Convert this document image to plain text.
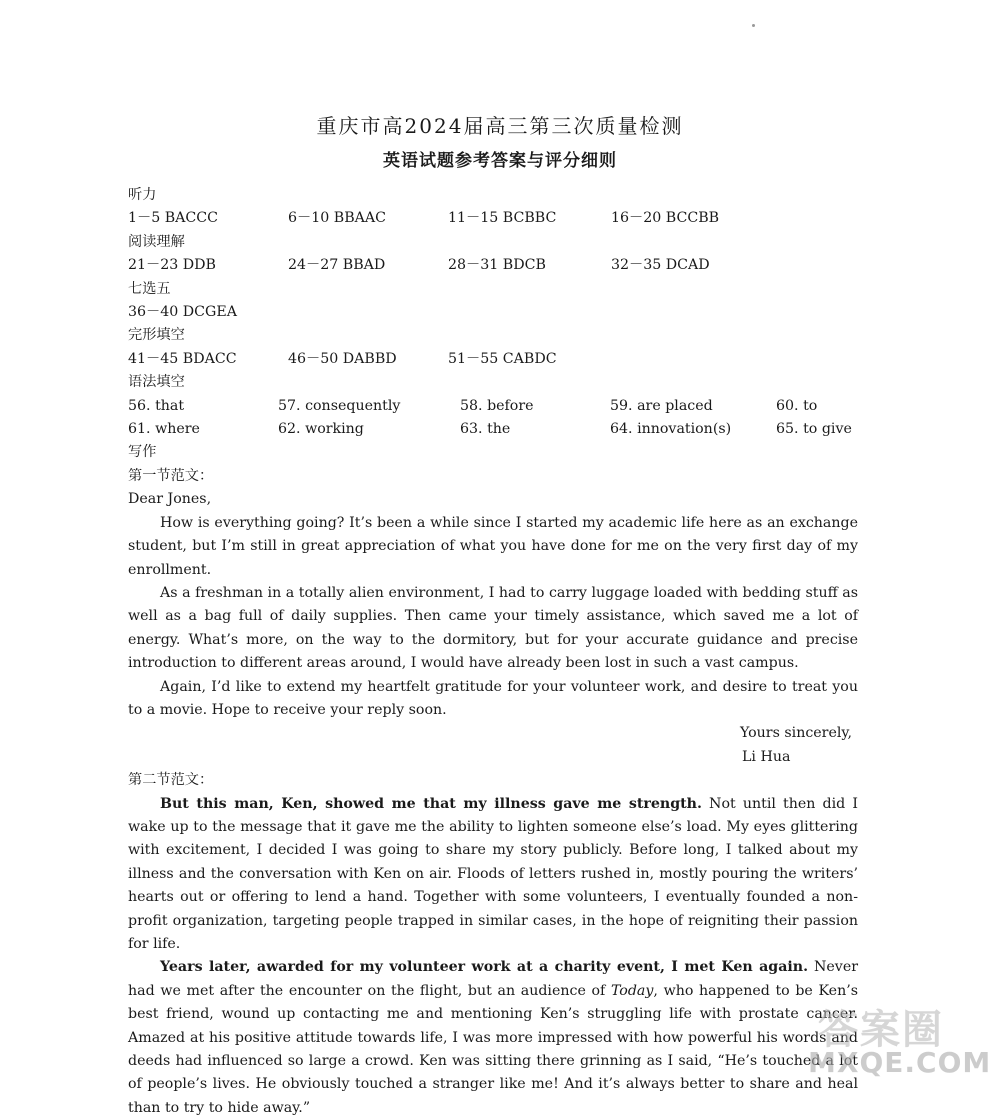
重庆市高2024届高三第三次质量检测
英语试题参考答案与评分细则
听力
1－5 BACCC	6－10 BBAAC	11－15 BCBBC	16－20 BCCBB
阅读理解
21－23 DDB	24－27 BBAD	28－31 BDCB	32－35 DCAD
七选五
36－40 DCGEA
完形填空
41－45 BDACC	46－50 DABBD	51－55 CABDC
语法填空
56. that	57. consequently	58. before	59. are placed	60. to
61. where	62. working	63. the	64. innovation(s)	65. to give
写作
第一节范文：

Dear Jones,

How is everything going? It’s been a while since I started my academic life here as an exchange student, but I’m still in great appreciation of what you have done for me on the very first day of my enrollment.

As a freshman in a totally alien environment, I had to carry luggage loaded with bedding stuff as well as a bag full of daily supplies. Then came your timely assistance, which saved me a lot of energy. What’s more, on the way to the dormitory, but for your accurate guidance and precise introduction to different areas around, I would have already been lost in such a vast campus.

Again, I’d like to extend my heartfelt gratitude for your volunteer work, and desire to treat you to a movie. Hope to receive your reply soon.

Yours sincerely,

Li Hua

第二节范文：

But this man, Ken, showed me that my illness gave me strength. Not until then did I wake up to the message that it gave me the ability to lighten someone else’s load. My eyes glittering with excitement, I decided I was going to share my story publicly. Before long, I talked about my illness and the conversation with Ken on air. Floods of letters rushed in, mostly pouring the writers’ hearts out or offering to lend a hand. Together with some volunteers, I eventually founded a non-profit organization, targeting people trapped in similar cases, in the hope of reigniting their passion for life.

Years later, awarded for my volunteer work at a charity event, I met Ken again. Never had we met after the encounter on the flight, but an audience of Today, who happened to be Ken’s best friend, wound up contacting me and mentioning Ken’s struggling life with prostate cancer. Amazed at his positive attitude towards life, I was more impressed with how powerful his words and deeds had influenced so large a crowd. Ken was sitting there grinning as I said, “He’s touched a lot of people’s lives. He obviously touched a stranger like me! And it’s always better to share and heal than to try to hide away.”

答案圈
MXQE.COM
